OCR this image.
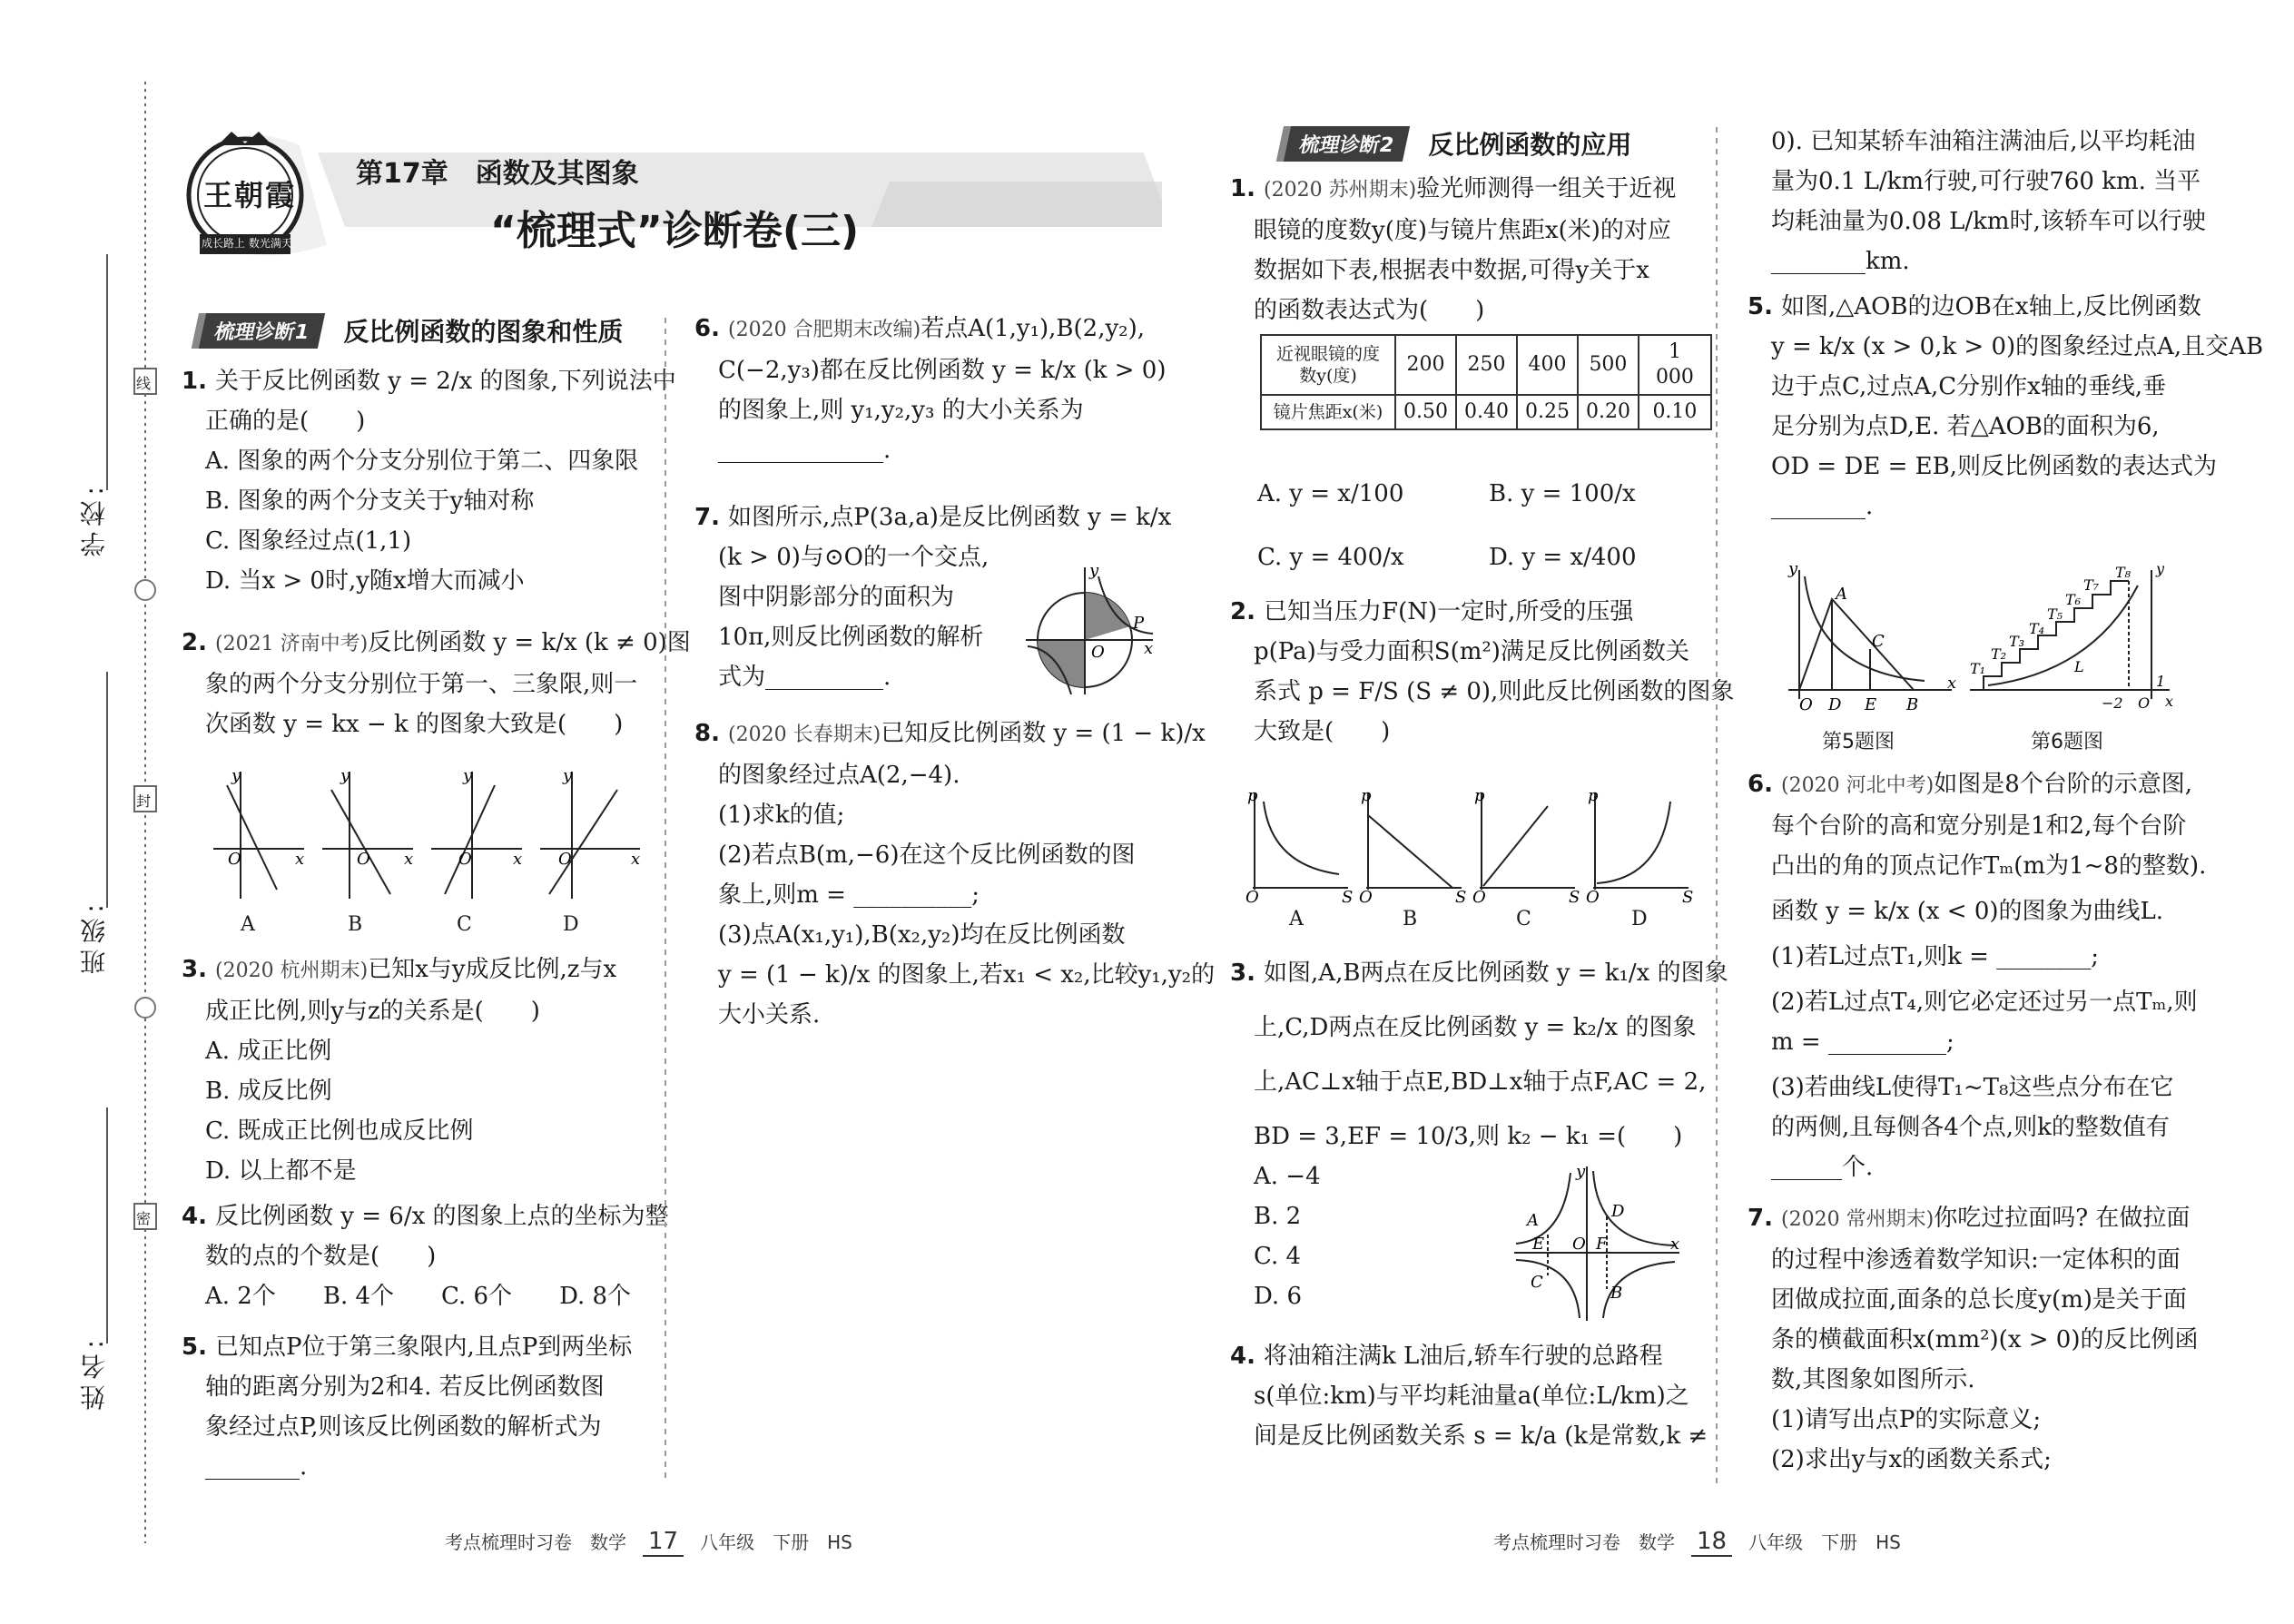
线
封
密
学校:
班级:
姓名:
王朝霞
成长路上 数光满天
第17章　函数及其图象
“梳理式”诊断卷(三)
梳理诊断1	反比例函数的图象和性质

1. 关于反比例函数 y = 2/x 的图象,下列说法中

正确的是(　　)

A. 图象的两个分支分别位于第二、四象限

B. 图象的两个分支关于y轴对称

C. 图象经过点(1,1)

D. 当x > 0时,y随x增大而减小

2. (2021 济南中考)反比例函数 y = k/x (k ≠ 0)图

象的两个分支分别位于第一、三象限,则一

次函数 y = kx − k 的图象大致是(　　)

y
x
O
y
x
O
y
x
O
y
x
O
A	B	C	D

3. (2020 杭州期末)已知x与y成反比例,z与x

成正比例,则y与z的关系是(　　)

A. 成正比例

B. 成反比例

C. 既成正比例也成反比例

D. 以上都不是

4. 反比例函数 y = 6/x 的图象上点的坐标为整

数的点的个数是(　　)

A. 2个　　B. 4个　　C. 6个　　D. 8个

5. 已知点P位于第三象限内,且点P到两坐标

轴的距离分别为2和4. 若反比例函数图

象经过点P,则该反比例函数的解析式为

________.

6. (2020 合肥期末改编)若点A(1,y₁),B(2,y₂),

C(−2,y₃)都在反比例函数 y = k/x (k > 0)

的图象上,则 y₁,y₂,y₃ 的大小关系为

______________.

7. 如图所示,点P(3a,a)是反比例函数 y = k/x

(k > 0)与⊙O的一个交点,

图中阴影部分的面积为

10π,则反比例函数的解析

式为__________.

x
y
O
P

8. (2020 长春期末)已知反比例函数 y = (1 − k)/x

的图象经过点A(2,−4).

(1)求k的值;

(2)若点B(m,−6)在这个反比例函数的图

象上,则m = __________;

(3)点A(x₁,y₁),B(x₂,y₂)均在反比例函数

y = (1 − k)/x 的图象上,若x₁ < x₂,比较y₁,y₂的

大小关系.

梳理诊断2	反比例函数的应用

1. (2020 苏州期末)验光师测得一组关于近视

眼镜的度数y(度)与镜片焦距x(米)的对应

数据如下表,根据表中数据,可得y关于x

的函数表达式为(　　)

近视眼镜的度数y(度)	200	250	400	500	1 000
镜片焦距x(米)	0.50	0.40	0.25	0.20	0.10
A. y = x/100	B. y = 100/x
C. y = 400/x	D. y = x/400

2. 已知当压力F(N)一定时,所受的压强

p(Pa)与受力面积S(m²)满足反比例函数关

系式 p = F/S (S ≠ 0),则此反比例函数的图象

大致是(　　)

p
S
O
p
S
O
p
S
O
p
S
O
A	B	C	D

3. 如图,A,B两点在反比例函数 y = k₁/x 的图象

上,C,D两点在反比例函数 y = k₂/x 的图象

上,AC⊥x轴于点E,BD⊥x轴于点F,AC = 2,

BD = 3,EF = 10/3,则 k₂ − k₁ =(　　)

A. −4

B. 2

C. 4

D. 6

A	D
E O F	x
y
C
B

4. 将油箱注满k L油后,轿车行驶的总路程

s(单位:km)与平均耗油量a(单位:L/km)之

间是反比例函数关系 s = k/a (k是常数,k ≠

0). 已知某轿车油箱注满油后,以平均耗油

量为0.1 L/km行驶,可行驶760 km. 当平

均耗油量为0.08 L/km时,该轿车可以行驶

________km.

5. 如图,△AOB的边OB在x轴上,反比例函数

y = k/x (x > 0,k > 0)的图象经过点A,且交AB

边于点C,过点A,C分别作x轴的垂线,垂

足分别为点D,E. 若△AOB的面积为6,

OD = DE = EB,则反比例函数的表达式为

________.

A
C
O D E B
x
y
T₁
T₂
T₃
T₄
T₅
T₆
T₇
T₈
L
−2 O
1
x
y
第5题图	第6题图

6. (2020 河北中考)如图是8个台阶的示意图,

每个台阶的高和宽分别是1和2,每个台阶

凸出的角的顶点记作Tₘ(m为1~8的整数).

函数 y = k/x (x < 0)的图象为曲线L.

(1)若L过点T₁,则k = ________;

(2)若L过点T₄,则它必定还过另一点Tₘ,则

m = __________;

(3)若曲线L使得T₁~T₈这些点分布在它

的两侧,且每侧各4个点,则k的整数值有

______个.

7. (2020 常州期末)你吃过拉面吗? 在做拉面

的过程中渗透着数学知识:一定体积的面

团做成拉面,面条的总长度y(m)是关于面

条的横截面积x(mm²)(x > 0)的反比例函

数,其图象如图所示.

(1)请写出点P的实际意义;

(2)求出y与x的函数关系式;

考点梳理时习卷　数学 17 八年级　下册　HS	考点梳理时习卷　数学 18 八年级　下册　HS
